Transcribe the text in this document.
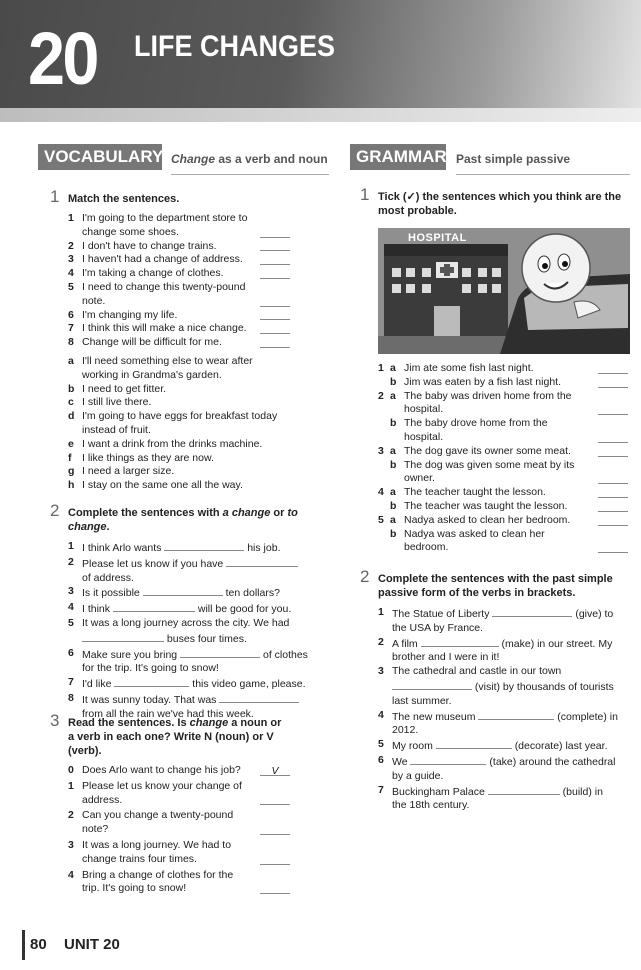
20 LIFE CHANGES
VOCABULARY Change as a verb and noun	GRAMMAR Past simple passive
1 Match the sentences.
1 I'm going to the department store to change some shoes.
2 I don't have to change trains.
3 I haven't had a change of address.
4 I'm taking a change of clothes.
5 I need to change this twenty-pound note.
6 I'm changing my life.
7 I think this will make a nice change.
8 Change will be difficult for me.
a I'll need something else to wear after working in Grandma's garden.
b I need to get fitter.
c I still live there.
d I'm going to have eggs for breakfast today instead of fruit.
e I want a drink from the drinks machine.
f I like things as they are now.
g I need a larger size.
h I stay on the same one all the way.
2 Complete the sentences with a change or to change.
1 I think Arlo wants	his job.
2 Please let us know if you have
of address.
3 Is it possible	ten dollars?
4 I think	will be good for you.
5 It was a long journey across the city. We had
buses four times.
6 Make sure you bring	of clothes
for the trip. It's going to snow!
7 I'd like	this video game, please.
8 It was sunny today. That was
from all the rain we've had this week.
3 Read the sentences. Is change a noun or a verb in each one? Write N (noun) or V (verb).
0 Does Arlo want to change his job?	V
1 Please let us know your change of address.
2 Can you change a twenty-pound note?
3 It was a long journey. We had to change trains four times.
4 Bring a change of clothes for the trip. It's going to snow!
1 Tick (✓) the sentences which you think are the most probable.
HOSPITAL
1 a Jim ate some fish last night.
b Jim was eaten by a fish last night.
2 a The baby was driven home from the hospital.
b The baby drove home from the hospital.
3 a The dog gave its owner some meat.
b The dog was given some meat by its owner.
4 a The teacher taught the lesson.
b The teacher was taught the lesson.
5 a Nadya asked to clean her bedroom.
b Nadya was asked to clean her bedroom.
2 Complete the sentences with the past simple passive form of the verbs in brackets.
1 The Statue of Liberty	(give) to
the USA by France.
2 A film	(make) in our street. My
brother and I were in it!
3 The cathedral and castle in our town
(visit) by thousands of tourists
last summer.
4 The new museum	(complete) in
2012.
5 My room	(decorate) last year.
6 We	(take) around the cathedral
by a guide.
7 Buckingham Palace	(build) in
the 18th century.
80 UNIT 20
